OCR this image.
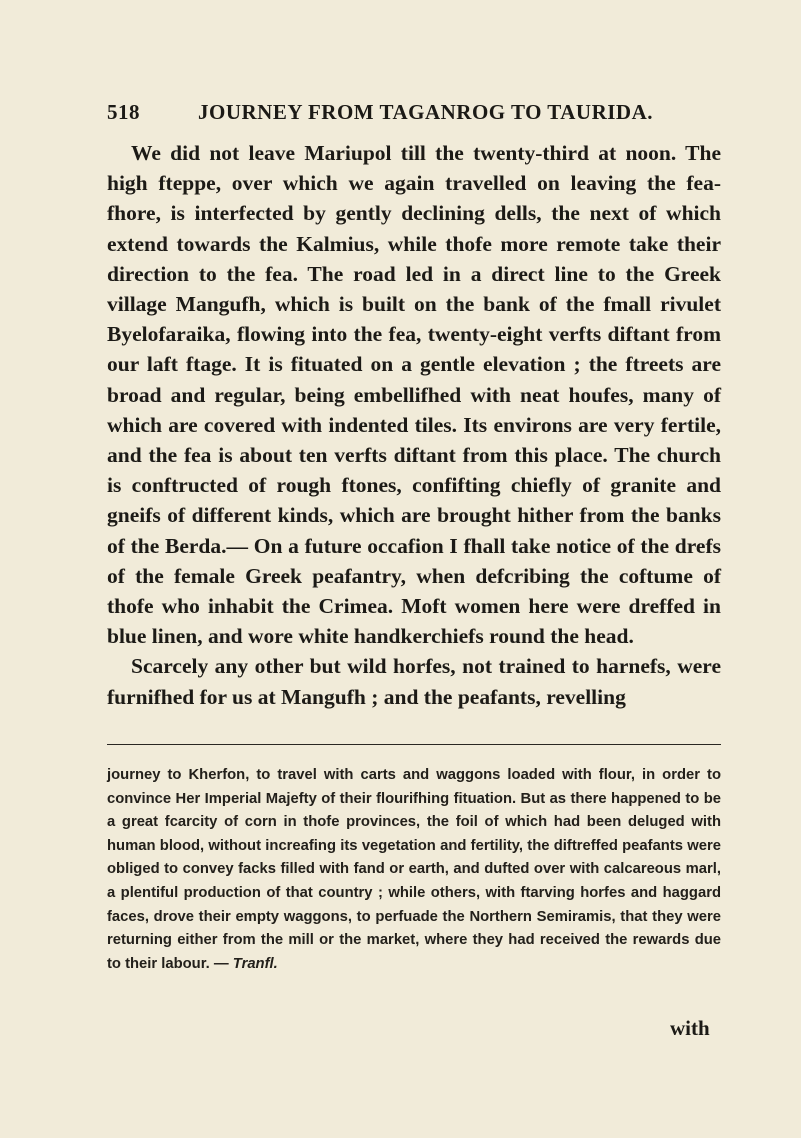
518	JOURNEY FROM TAGANROG TO TAURIDA.

We did not leave Mariupol till the twenty-third at noon. The high fteppe, over which we again travelled on leaving the fea-fhore, is interfected by gently declining dells, the next of which extend towards the Kalmius, while thofe more remote take their direction to the fea. The road led in a direct line to the Greek village Mangufh, which is built on the bank of the fmall rivulet Byelofaraika, flowing into the fea, twenty-eight verfts diftant from our laft ftage. It is fituated on a gentle elevation ; the ftreets are broad and regular, being embellifhed with neat houfes, many of which are covered with indented tiles. Its environs are very fertile, and the fea is about ten verfts diftant from this place. The church is conftructed of rough ftones, confifting chiefly of granite and gneifs of different kinds, which are brought hither from the banks of the Berda.— On a future occafion I fhall take notice of the drefs of the female Greek peafantry, when defcribing the coftume of thofe who inhabit the Crimea. Moft women here were dreffed in blue linen, and wore white handkerchiefs round the head.

Scarcely any other but wild horfes, not trained to harnefs, were furnifhed for us at Mangufh ; and the peafants, revelling

journey to Kherfon, to travel with carts and waggons loaded with flour, in order to convince Her Imperial Majefty of their flourifhing fituation. But as there happened to be a great fcarcity of corn in thofe provinces, the foil of which had been deluged with human blood, without increafing its vegetation and fertility, the diftreffed peafants were obliged to convey facks filled with fand or earth, and dufted over with calcareous marl, a plentiful production of that country ; while others, with ftarving horfes and haggard faces, drove their empty waggons, to perfuade the Northern Semiramis, that they were returning either from the mill or the market, where they had received the rewards due to their labour. — Tranfl.
with
